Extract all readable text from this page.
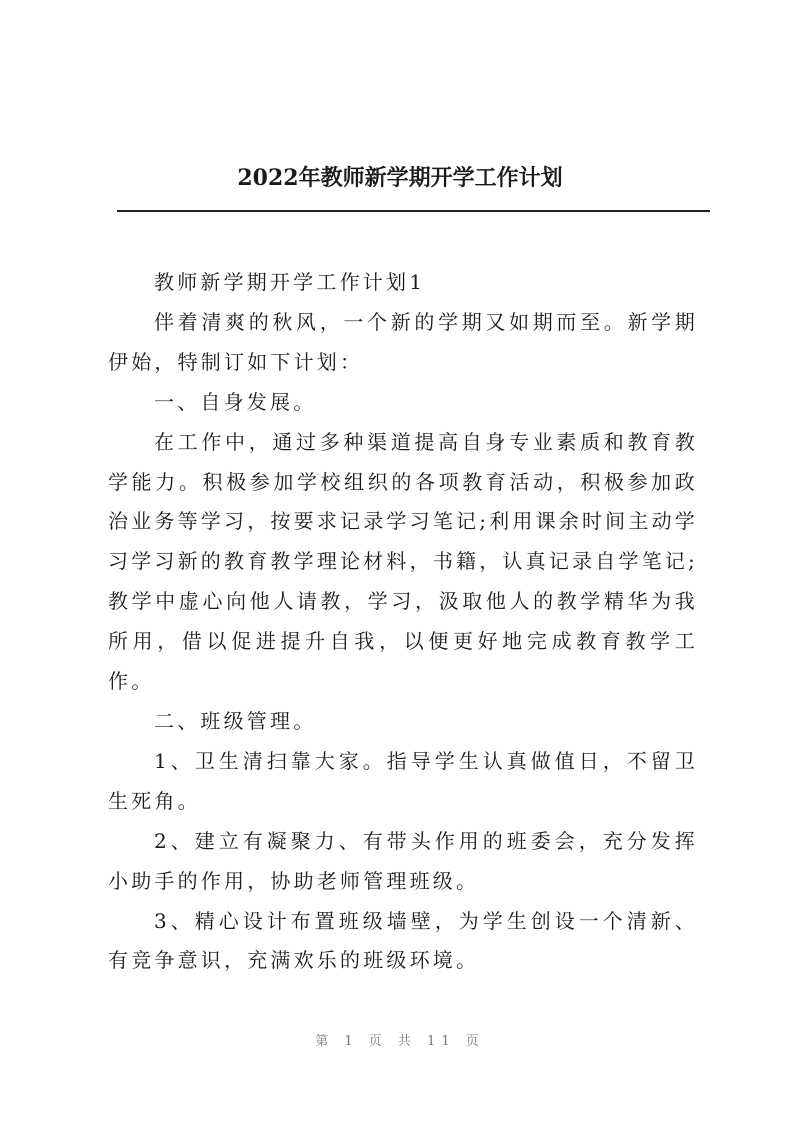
2022年教师新学期开学工作计划

教师新学期开学工作计划1

伴着清爽的秋风，一个新的学期又如期而至。新学期伊始，特制订如下计划：

一、自身发展。

在工作中，通过多种渠道提高自身专业素质和教育教学能力。积极参加学校组织的各项教育活动，积极参加政治业务等学习，按要求记录学习笔记;利用课余时间主动学习学习新的教育教学理论材料，书籍，认真记录自学笔记;教学中虚心向他人请教，学习，汲取他人的教学精华为我所用，借以促进提升自我，以便更好地完成教育教学工作。

二、班级管理。

1、卫生清扫靠大家。指导学生认真做值日，不留卫生死角。

2、建立有凝聚力、有带头作用的班委会，充分发挥小助手的作用，协助老师管理班级。

3、精心设计布置班级墙壁，为学生创设一个清新、有竞争意识，充满欢乐的班级环境。

第 1 页 共 11 页
